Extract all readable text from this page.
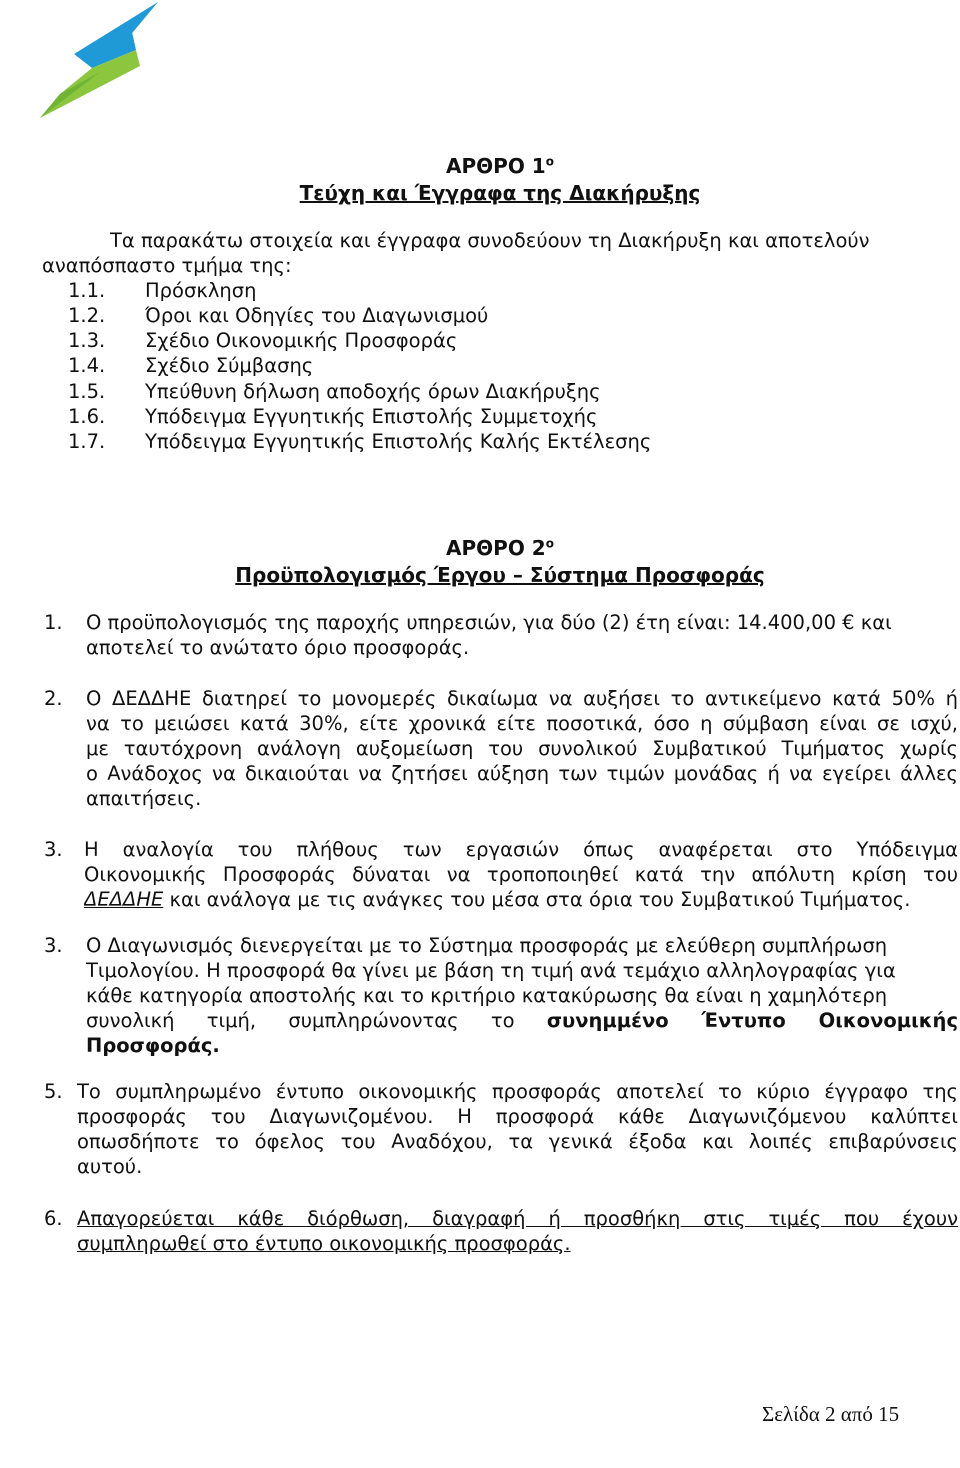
ΑΡΘΡΟ $1^o$
Τεύχη και Έγγραφα της Διακήρυξης
Τα παρακάτω στοιχεία και έγγραφα συνοδεύουν τη Διακήρυξη και αποτελούν
αναπόσπαστο τμήμα της:
1.1. Πρόσκληση
1.2. Όροι και Οδηγίες του Διαγωνισμού
1.3. Σχέδιο Οικονομικής Προσφοράς
1.4. Σχέδιο Σύμβασης
1.5. Υπεύθυνη δήλωση αποδοχής όρων Διακήρυξης
1.6. Υπόδειγμα Εγγυητικής Επιστολής Συμμετοχής
1.7. Υπόδειγμα Εγγυητικής Επιστολής Καλής Εκτέλεσης
ΑΡΘΡΟ $2^o$
Προϋπολογισμός Έργου – Σύστημα Προσφοράς
1. Ο προϋπολογισμός της παροχής υπηρεσιών, για δύο (2) έτη είναι: 14.400,00 € και
αποτελεί το ανώτατο όριο προσφοράς.
2. Ο ΔΕΔΔΗΕ διατηρεί το μονομερές δικαίωμα να αυξήσει το αντικείμενο κατά 50% ή
να το μειώσει κατά 30%, είτε χρονικά είτε ποσοτικά, όσο η σύμβαση είναι σε ισχύ,
με ταυτόχρονη ανάλογη αυξομείωση του συνολικού Συμβατικού Τιμήματος χωρίς
ο Ανάδοχος να δικαιούται να ζητήσει αύξηση των τιμών μονάδας ή να εγείρει άλλες
απαιτήσεις.
3. Η αναλογία του πλήθους των εργασιών όπως αναφέρεται στο Υπόδειγμα
Οικονομικής Προσφοράς δύναται να τροποποιηθεί κατά την απόλυτη κρίση του
ΔΕΔΔΗΕ και ανάλογα με τις ανάγκες του μέσα στα όρια του Συμβατικού Τιμήματος.
3. Ο Διαγωνισμός διενεργείται με το Σύστημα προσφοράς με ελεύθερη συμπλήρωση
Τιμολογίου. Η προσφορά θα γίνει με βάση τη τιμή ανά τεμάχιο αλληλογραφίας για
κάθε κατηγορία αποστολής και το κριτήριο κατακύρωσης θα είναι η χαμηλότερη
συνολική τιμή, συμπληρώνοντας το συνημμένο Έντυπο Οικονομικής
Προσφοράς.
5. Το συμπληρωμένο έντυπο οικονομικής προσφοράς αποτελεί το κύριο έγγραφο της
προσφοράς του Διαγωνιζομένου. Η προσφορά κάθε Διαγωνιζόμενου καλύπτει
οπωσδήποτε το όφελος του Αναδόχου, τα γενικά έξοδα και λοιπές επιβαρύνσεις
αυτού.
6. Απαγορεύεται κάθε διόρθωση, διαγραφή ή προσθήκη στις τιμές που έχουν
συμπληρωθεί στο έντυπο οικονομικής προσφοράς.
Σελίδα 2 από 15
